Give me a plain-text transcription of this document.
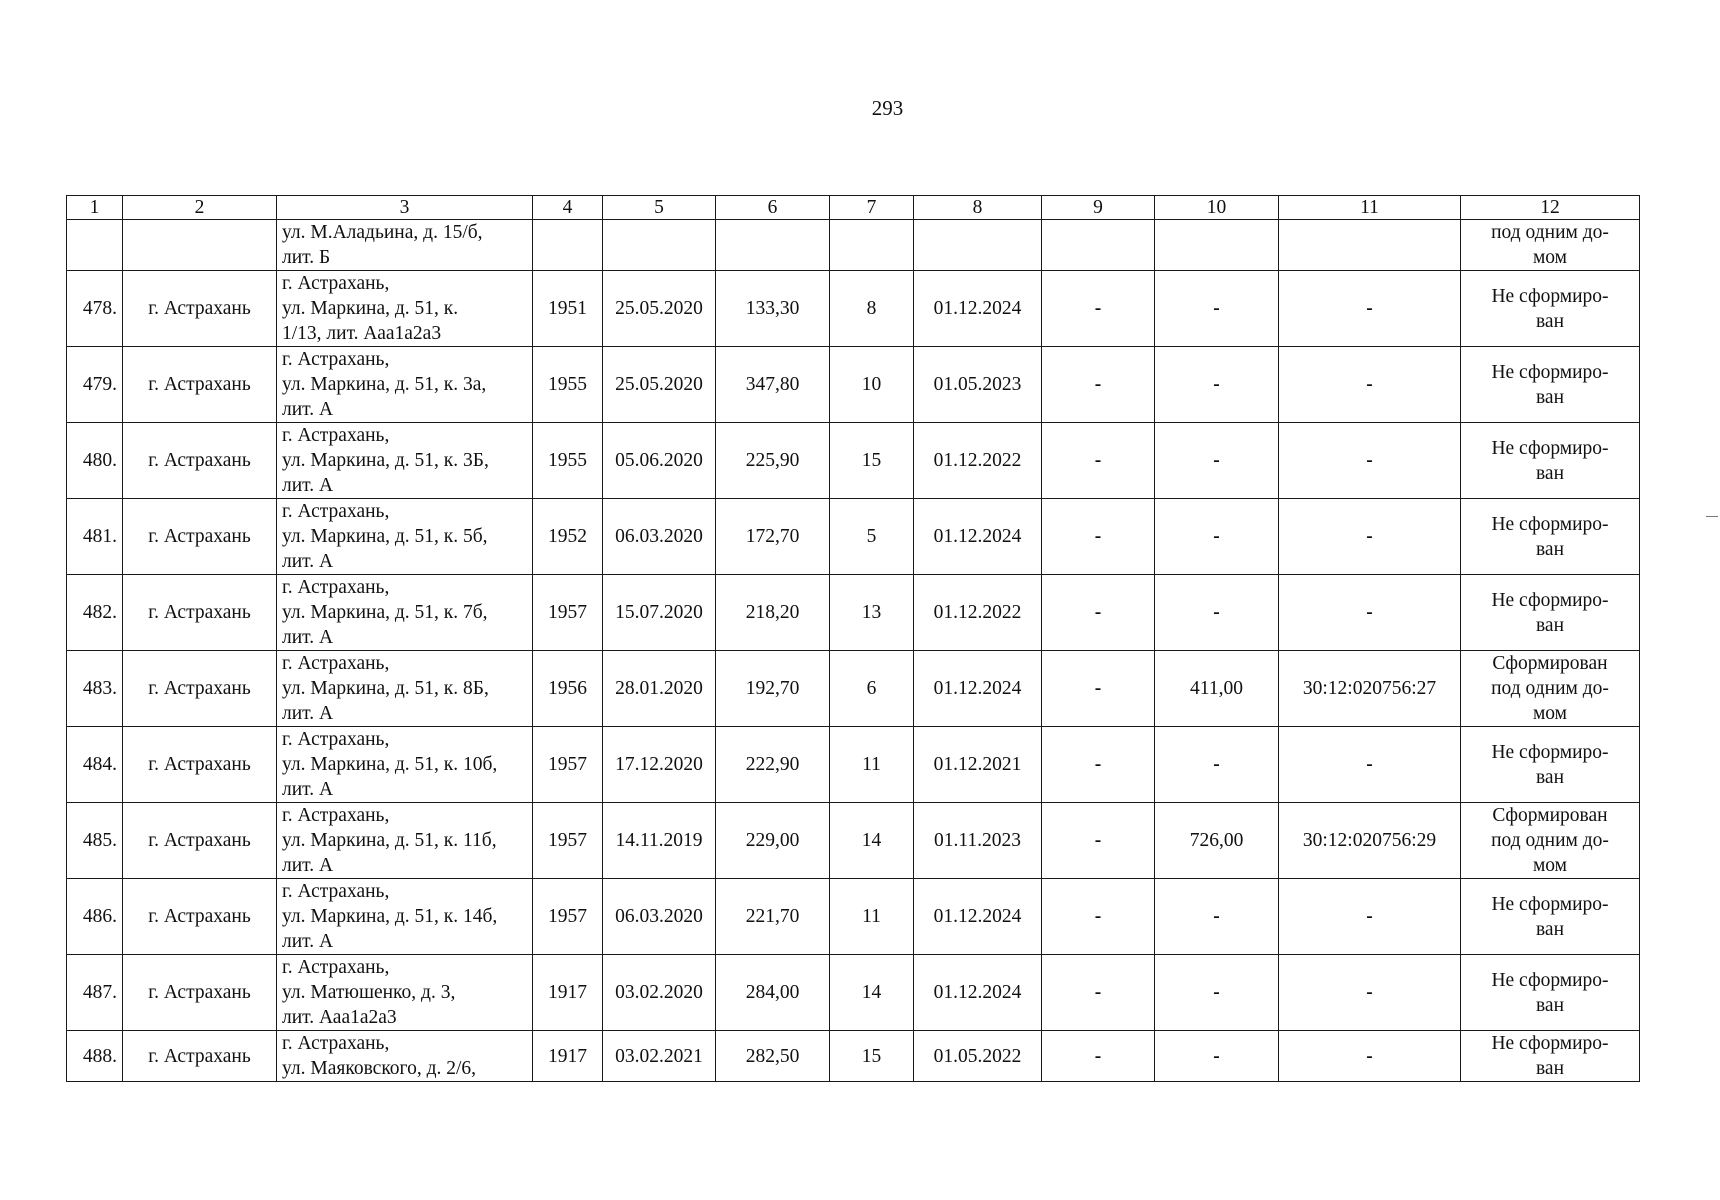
293
1	2	3	4	5	6	7	8	9	10	11	12

		ул. М.Аладьина, д. 15/б,
лит. Б									под одним до-
мом

478.	г. Астрахань	г. Астрахань,
ул. Маркина, д. 51, к.
1/13, лит. Ааа1а2а3	1951	25.05.2020	133,30	8	01.12.2024	-	-	-	Не сформиро-
ван

479.	г. Астрахань	г. Астрахань,
ул. Маркина, д. 51, к. 3а,
лит. А	1955	25.05.2020	347,80	10	01.05.2023	-	-	-	Не сформиро-
ван

480.	г. Астрахань	г. Астрахань,
ул. Маркина, д. 51, к. 3Б,
лит. А	1955	05.06.2020	225,90	15	01.12.2022	-	-	-	Не сформиро-
ван

481.	г. Астрахань	г. Астрахань,
ул. Маркина, д. 51, к. 5б,
лит. А	1952	06.03.2020	172,70	5	01.12.2024	-	-	-	Не сформиро-
ван

482.	г. Астрахань	г. Астрахань,
ул. Маркина, д. 51, к. 7б,
лит. А	1957	15.07.2020	218,20	13	01.12.2022	-	-	-	Не сформиро-
ван

483.	г. Астрахань	г. Астрахань,
ул. Маркина, д. 51, к. 8Б,
лит. А	1956	28.01.2020	192,70	6	01.12.2024	-	411,00	30:12:020756:27	Сформирован
под одним до-
мом

484.	г. Астрахань	г. Астрахань,
ул. Маркина, д. 51, к. 10б,
лит. А	1957	17.12.2020	222,90	11	01.12.2021	-	-	-	Не сформиро-
ван

485.	г. Астрахань	г. Астрахань,
ул. Маркина, д. 51, к. 11б,
лит. А	1957	14.11.2019	229,00	14	01.11.2023	-	726,00	30:12:020756:29	Сформирован
под одним до-
мом

486.	г. Астрахань	г. Астрахань,
ул. Маркина, д. 51, к. 14б,
лит. А	1957	06.03.2020	221,70	11	01.12.2024	-	-	-	Не сформиро-
ван

487.	г. Астрахань	г. Астрахань,
ул. Матюшенко, д. 3,
лит. Ааа1а2а3	1917	03.02.2020	284,00	14	01.12.2024	-	-	-	Не сформиро-
ван

488.	г. Астрахань	г. Астрахань,
ул. Маяковского, д. 2/6,	1917	03.02.2021	282,50	15	01.05.2022	-	-	-	Не сформиро-
ван
